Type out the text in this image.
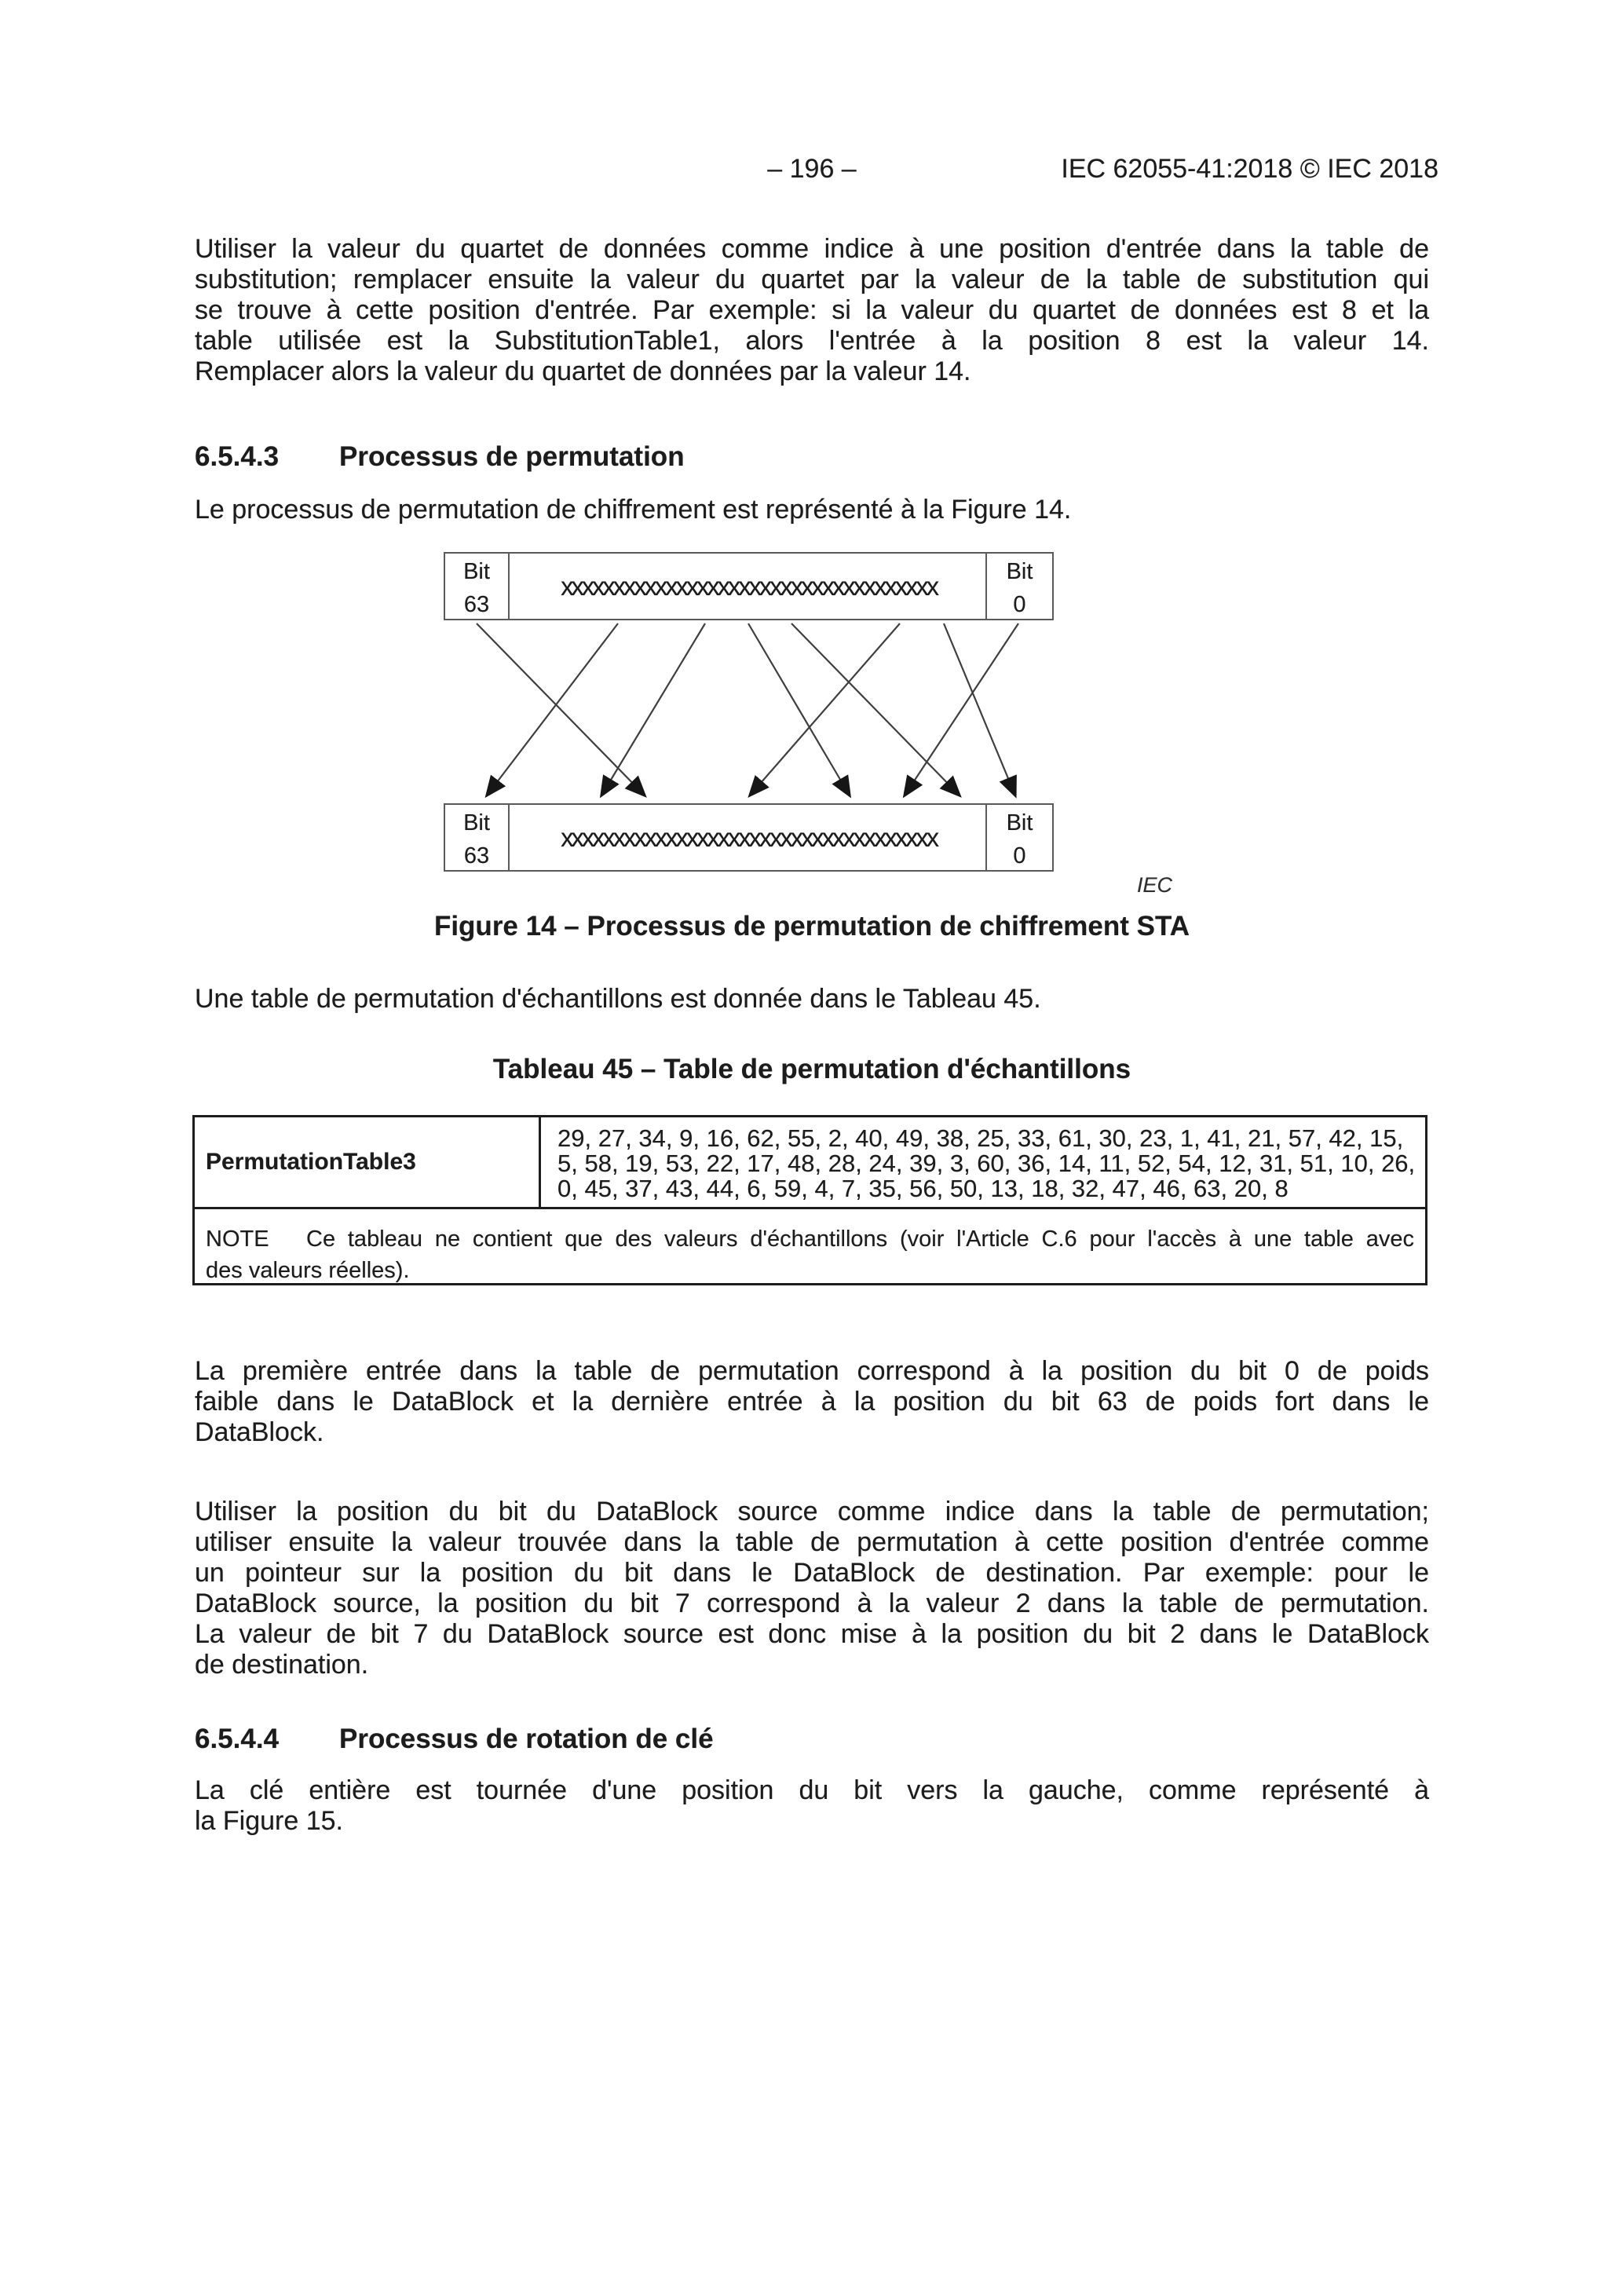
– 196 –	IEC 62055-41:2018 © IEC 2018
Utiliser la valeur du quartet de données comme indice à une position d'entrée dans la table de
substitution; remplacer ensuite la valeur du quartet par la valeur de la table de substitution qui
se trouve à cette position d'entrée. Par exemple: si la valeur du quartet de données est 8 et la
table utilisée est la SubstitutionTable1, alors l'entrée à la position 8 est la valeur 14.
Remplacer alors la valeur du quartet de données par la valeur 14.
6.5.4.3 Processus de permutation
Le processus de permutation de chiffrement est représenté à la Figure 14.
Bit
63
xxxxxxxxxxxxxxxxxxxxxxxxxxxxxxxxxxxx	Bit
0
Bit
63
xxxxxxxxxxxxxxxxxxxxxxxxxxxxxxxxxxxx	Bit
0
IEC
Figure 14 – Processus de permutation de chiffrement STA
Une table de permutation d'échantillons est donnée dans le Tableau 45.
Tableau 45 – Table de permutation d'échantillons
PermutationTable3
29, 27, 34, 9, 16, 62, 55, 2, 40, 49, 38, 25, 33, 61, 30, 23, 1, 41, 21, 57, 42, 15,
5, 58, 19, 53, 22, 17, 48, 28, 24, 39, 3, 60, 36, 14, 11, 52, 54, 12, 31, 51, 10, 26,
0, 45, 37, 43, 44, 6, 59, 4, 7, 35, 56, 50, 13, 18, 32, 47, 46, 63, 20, 8
NOTE   Ce tableau ne contient que des valeurs d'échantillons (voir l'Article C.6 pour l'accès à une table avec
des valeurs réelles).
La première entrée dans la table de permutation correspond à la position du bit 0 de poids
faible dans le DataBlock et la dernière entrée à la position du bit 63 de poids fort dans le
DataBlock.
Utiliser la position du bit du DataBlock source comme indice dans la table de permutation;
utiliser ensuite la valeur trouvée dans la table de permutation à cette position d'entrée comme
un pointeur sur la position du bit dans le DataBlock de destination. Par exemple: pour le
DataBlock source, la position du bit 7 correspond à la valeur 2 dans la table de permutation.
La valeur de bit 7 du DataBlock source est donc mise à la position du bit 2 dans le DataBlock
de destination.
6.5.4.4 Processus de rotation de clé
La clé entière est tournée d'une position du bit vers la gauche, comme représenté à
la Figure 15.
